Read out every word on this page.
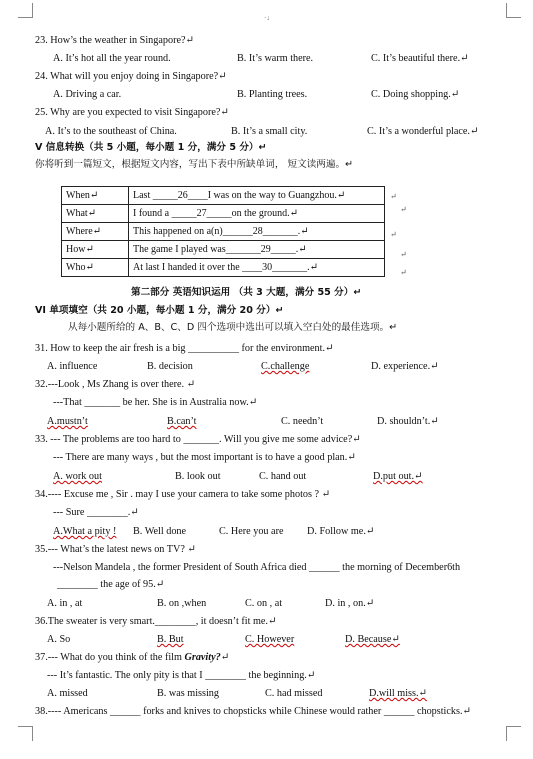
·↓
23. How’s the weather in Singapore?↵
A. It’s hot all the year round.	B. It’s warm there.	C. It’s beautiful there.↵
24. What will you enjoy doing in Singapore?↵
A. Driving a car.	B. Planting trees.	C. Doing shopping.↵
25. Why are you expected to visit Singapore?↵
A. It’s to the southeast of China.	B. It’s a small city.	C. It’s a wonderful place.↵
V 信息转换（共 5 小题，每小题 1 分，满分 5 分）↵
你将听到一篇短文，根据短文内容，写出下表中所缺单词， 短文读两遍。↵
When↵	Last _____26____I was on the way to Guangzhou.↵
What↵	I found a _____27_____on the ground.↵
Where↵	This happened on a(n)______28_______.↵
How↵	The game I played was_______29_____.↵
Who↵	At last I handed it over the ____30_______.↵
↵
↵
↵
↵
↵
第二部分 英语知识运用 （共 3 大题，满分 55 分）↵
VI 单项填空（共 20 小题，每小题 1 分，满分 20 分）↵
从每小题所给的 A、B、C、D 四个选项中选出可以填入空白处的最佳选项。↵
31. How to keep the air fresh is a big __________ for the environment.↵
A. influence	B. decision	C.challenge	D. experience.↵
32.---Look , Ms Zhang is over there. ↵
---That _______ be her. She is in Australia now.↵
A.mustn’t	B.can’t	C. needn’t	D. shouldn’t.↵
33. --- The problems are too hard to _______. Will you give me some advice?↵
--- There are many ways , but the most important is to have a good plan.↵
A. work out	B. look out	C. hand out	D.put out.↵
34.---- Excuse me , Sir . may I use your camera to take some photos ? ↵
--- Sure ________.↵
A.What a pity ! B. Well done	C. Here you are D. Follow me.↵
35.--- What’s the latest news on TV? ↵
---Nelson Mandela , the former President of South Africa died ______ the morning of December6th
________ the age of 95.↵
A. in , at	B. on ,when	C. on , at	D. in , on.↵
36.The sweater is very smart.________, it doesn’t fit me.↵
A. So	B. But	C. However	D. Because↵
37.--- What do you think of the film Gravity?↵
--- It’s fantastic. The only pity is that I ________ the beginning.↵
A. missed	B. was missing	C. had missed	D.will miss.↵
38.---- Americans ______ forks and knives to chopsticks while Chinese would rather ______ chopsticks.↵
